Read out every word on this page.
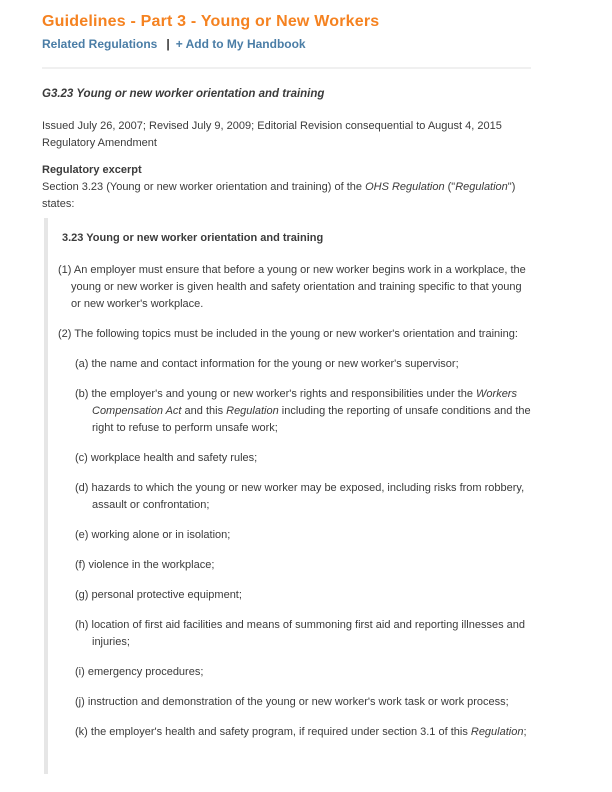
Guidelines - Part 3 - Young or New Workers
Related Regulations | + Add to My Handbook
G3.23 Young or new worker orientation and training

Issued July 26, 2007; Revised July 9, 2009; Editorial Revision consequential to August 4, 2015 Regulatory Amendment

Regulatory excerpt

Section 3.23 (Young or new worker orientation and training) of the OHS Regulation ("Regulation") states:

3.23 Young or new worker orientation and training
(1) An employer must ensure that before a young or new worker begins work in a workplace, the young or new worker is given health and safety orientation and training specific to that young or new worker's workplace.
(2) The following topics must be included in the young or new worker's orientation and training:
(a) the name and contact information for the young or new worker's supervisor;
(b) the employer's and young or new worker's rights and responsibilities under the Workers Compensation Act and this Regulation including the reporting of unsafe conditions and the right to refuse to perform unsafe work;
(c) workplace health and safety rules;
(d) hazards to which the young or new worker may be exposed, including risks from robbery, assault or confrontation;
(e) working alone or in isolation;
(f) violence in the workplace;
(g) personal protective equipment;
(h) location of first aid facilities and means of summoning first aid and reporting illnesses and injuries;
(i) emergency procedures;
(j) instruction and demonstration of the young or new worker's work task or work process;
(k) the employer's health and safety program, if required under section 3.1 of this Regulation;
